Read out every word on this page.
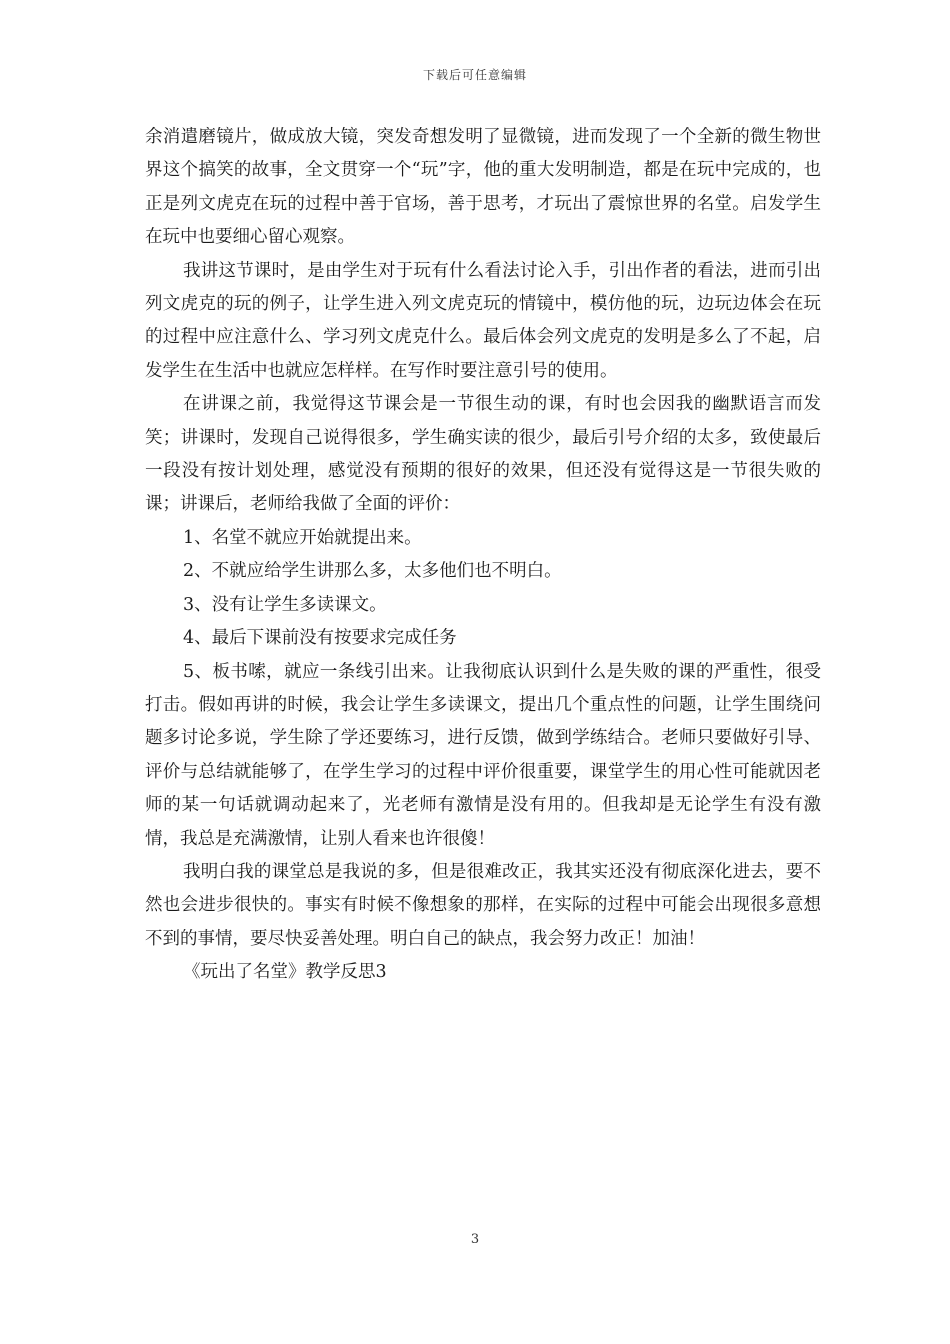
下载后可任意编辑

余消遣磨镜片，做成放大镜，突发奇想发明了显微镜，进而发现了一个全新的微生物世界这个搞笑的故事，全文贯穿一个“玩”字，他的重大发明制造，都是在玩中完成的，也正是列文虎克在玩的过程中善于官场，善于思考，才玩出了震惊世界的名堂。启发学生在玩中也要细心留心观察。

我讲这节课时，是由学生对于玩有什么看法讨论入手，引出作者的看法，进而引出列文虎克的玩的例子，让学生进入列文虎克玩的情镜中，模仿他的玩，边玩边体会在玩的过程中应注意什么、学习列文虎克什么。最后体会列文虎克的发明是多么了不起，启发学生在生活中也就应怎样样。在写作时要注意引号的使用。

在讲课之前，我觉得这节课会是一节很生动的课，有时也会因我的幽默语言而发笑；讲课时，发现自己说得很多，学生确实读的很少，最后引号介绍的太多，致使最后一段没有按计划处理，感觉没有预期的很好的效果，但还没有觉得这是一节很失败的课；讲课后，老师给我做了全面的评价：

1、名堂不就应开始就提出来。

2、不就应给学生讲那么多，太多他们也不明白。

3、没有让学生多读课文。

4、最后下课前没有按要求完成任务

5、板书嗦，就应一条线引出来。让我彻底认识到什么是失败的课的严重性，很受打击。假如再讲的时候，我会让学生多读课文，提出几个重点性的问题，让学生围绕问题多讨论多说，学生除了学还要练习，进行反馈，做到学练结合。老师只要做好引导、评价与总结就能够了，在学生学习的过程中评价很重要，课堂学生的用心性可能就因老师的某一句话就调动起来了，光老师有激情是没有用的。但我却是无论学生有没有激情，我总是充满激情，让别人看来也许很傻！

我明白我的课堂总是我说的多，但是很难改正，我其实还没有彻底深化进去，要不然也会进步很快的。事实有时候不像想象的那样，在实际的过程中可能会出现很多意想不到的事情，要尽快妥善处理。明白自己的缺点，我会努力改正！加油！

《玩出了名堂》教学反思3

3
